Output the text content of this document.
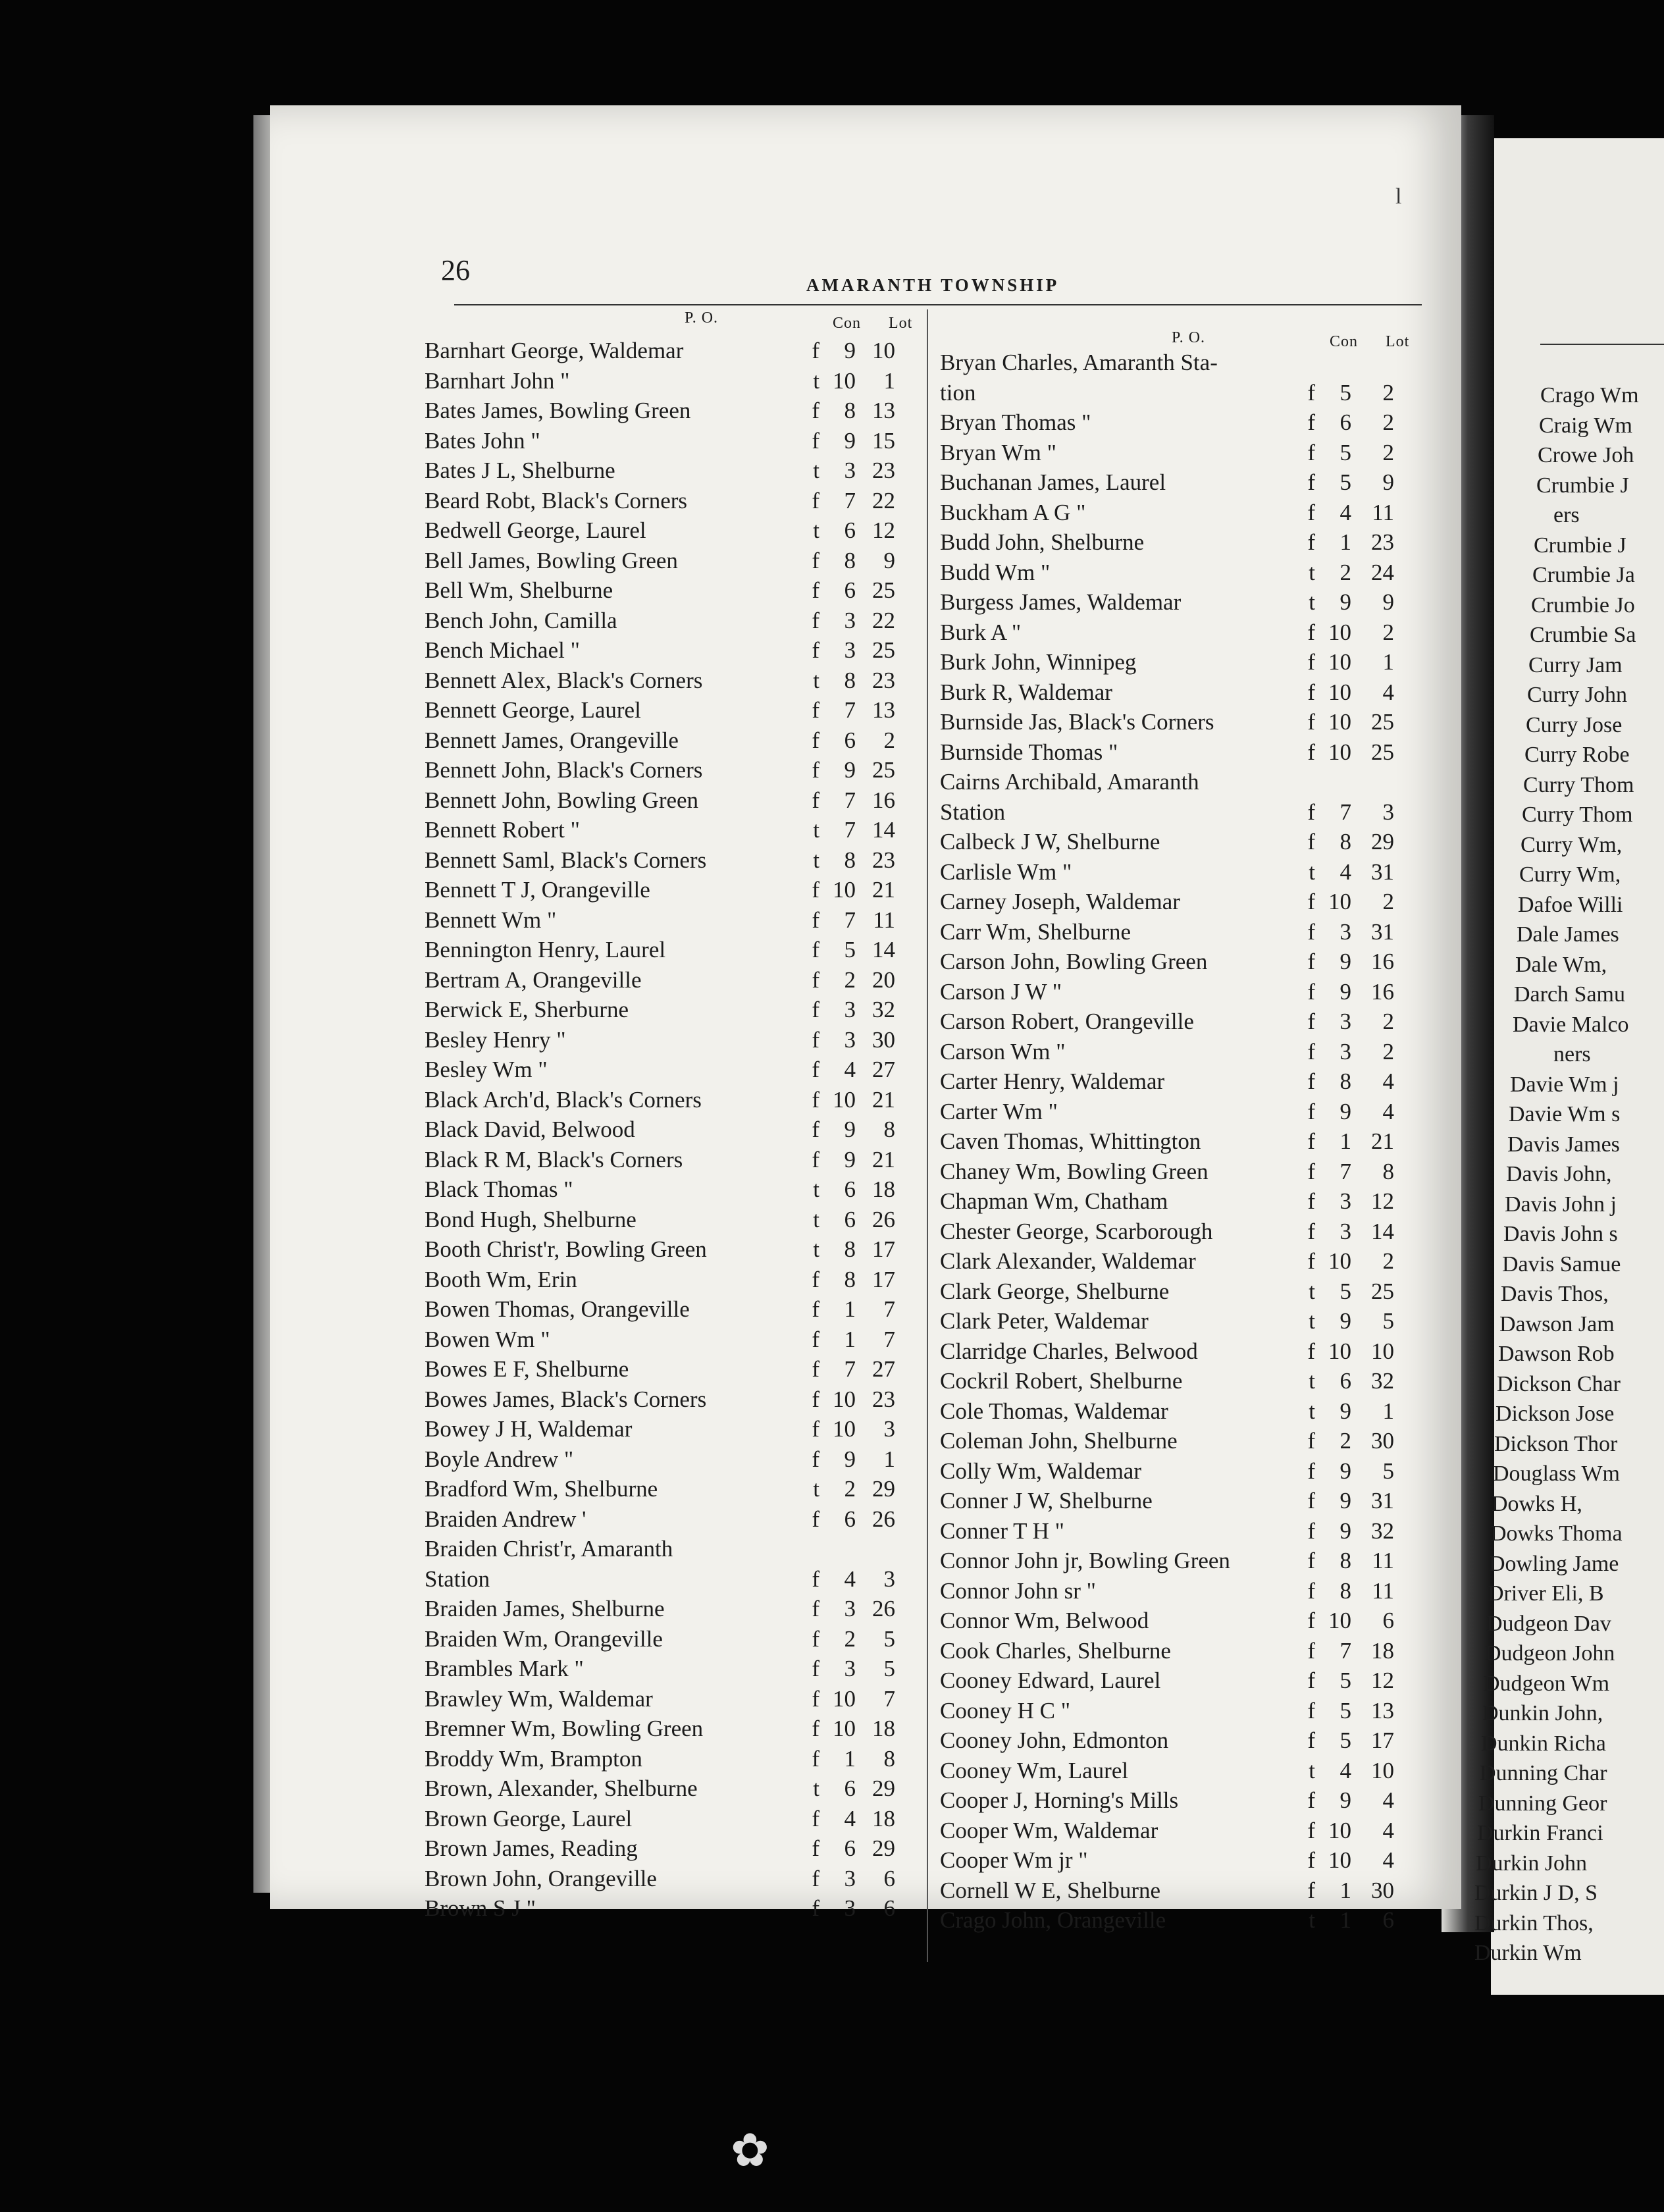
26	AMARANTH TOWNSHIP
l
P. O.	Con Lot
P. O.	Con Lot
Barnhart George, Waldemar	f	9 10
Barnhart John "	t 10	1
Bates James, Bowling Green	f	8 13
Bates John "	f	9 15
Bates J L, Shelburne	t	3 23
Beard Robt, Black's Corners	f	7 22
Bedwell George, Laurel	t	6 12
Bell James, Bowling Green	f	8	9
Bell Wm, Shelburne	f	6 25
Bench John, Camilla	f	3 22
Bench Michael "	f	3 25
Bennett Alex, Black's Corners	t	8 23
Bennett George, Laurel	f	7 13
Bennett James, Orangeville	f	6	2
Bennett John, Black's Corners	f	9 25
Bennett John, Bowling Green	f	7 16
Bennett Robert "	t	7 14
Bennett Saml, Black's Corners	t	8 23
Bennett T J, Orangeville	f 10 21
Bennett Wm "	f	7 11
Bennington Henry, Laurel	f	5 14
Bertram A, Orangeville	f	2 20
Berwick E, Sherburne	f	3 32
Besley Henry "	f	3 30
Besley Wm "	f	4 27
Black Arch'd, Black's Corners	f 10 21
Black David, Belwood	f	9	8
Black R M, Black's Corners	f	9 21
Black Thomas "	t	6 18
Bond Hugh, Shelburne	t	6 26
Booth Christ'r, Bowling Green	t	8 17
Booth Wm, Erin	f	8 17
Bowen Thomas, Orangeville	f	1	7
Bowen Wm "	f	1	7
Bowes E F, Shelburne	f	7 27
Bowes James, Black's Corners	f 10 23
Bowey J H, Waldemar	f 10	3
Boyle Andrew "	f	9	1
Bradford Wm, Shelburne	t	2 29
Braiden Andrew '	f	6 26
Braiden Christ'r, Amaranth
Station	f	4	3
Braiden James, Shelburne	f	3 26
Braiden Wm, Orangeville	f	2	5
Brambles Mark "	f	3	5
Brawley Wm, Waldemar	f 10	7
Bremner Wm, Bowling Green	f 10 18
Broddy Wm, Brampton	f	1	8
Brown, Alexander, Shelburne	t	6 29
Brown George, Laurel	f	4 18
Brown James, Reading	f	6 29
Brown John, Orangeville	f	3	6
Brown S J "	f	3	6
Bryan Charles, Amaranth Sta-
tion	f	5	2
Bryan Thomas "	f	6	2
Bryan Wm "	f	5	2
Buchanan James, Laurel	f	5	9
Buckham A G "	f	4 11
Budd John, Shelburne	f	1 23
Budd Wm "	t	2 24
Burgess James, Waldemar	t	9	9
Burk A "	f 10	2
Burk John, Winnipeg	f 10	1
Burk R, Waldemar	f 10	4
Burnside Jas, Black's Corners	f 10 25
Burnside Thomas "	f 10 25
Cairns Archibald, Amaranth
Station	f	7	3
Calbeck J W, Shelburne	f	8 29
Carlisle Wm "	t	4 31
Carney Joseph, Waldemar	f 10	2
Carr Wm, Shelburne	f	3 31
Carson John, Bowling Green	f	9 16
Carson J W "	f	9 16
Carson Robert, Orangeville	f	3	2
Carson Wm "	f	3	2
Carter Henry, Waldemar	f	8	4
Carter Wm "	f	9	4
Caven Thomas, Whittington	f	1 21
Chaney Wm, Bowling Green	f	7	8
Chapman Wm, Chatham	f	3 12
Chester George, Scarborough	f	3 14
Clark Alexander, Waldemar	f 10	2
Clark George, Shelburne	t	5 25
Clark Peter, Waldemar	t	9	5
Clarridge Charles, Belwood	f 10 10
Cockril Robert, Shelburne	t	6 32
Cole Thomas, Waldemar	t	9	1
Coleman John, Shelburne	f	2 30
Colly Wm, Waldemar	f	9	5
Conner J W, Shelburne	f	9 31
Conner T H "	f	9 32
Connor John jr, Bowling Green	f	8 11
Connor John sr "	f	8 11
Connor Wm, Belwood	f 10	6
Cook Charles, Shelburne	f	7 18
Cooney Edward, Laurel	f	5 12
Cooney H C "	f	5 13
Cooney John, Edmonton	f	5 17
Cooney Wm, Laurel	t	4 10
Cooper J, Horning's Mills	f	9	4
Cooper Wm, Waldemar	f 10	4
Cooper Wm jr "	f 10	4
Cornell W E, Shelburne	f	1 30
Crago John, Orangeville	t	1	6
Crago Wm
Craig Wm
Crowe Joh
Crumbie J
ers
Crumbie J
Crumbie Ja
Crumbie Jo
Crumbie Sa
Curry Jam
Curry John
Curry Jose
Curry Robe
Curry Thom
Curry Thom
Curry Wm,
Curry Wm,
Dafoe Willi
Dale James
Dale Wm,
Darch Samu
Davie Malco
ners
Davie Wm j
Davie Wm s
Davis James
Davis John,
Davis John j
Davis John s
Davis Samue
Davis Thos,
Dawson Jam
Dawson Rob
Dickson Char
Dickson Jose
Dickson Thor
Douglass Wm
Dowks H,
Dowks Thoma
Dowling Jame
Driver Eli, B
Dudgeon Dav
Dudgeon John
Dudgeon Wm
Dunkin John,
Dunkin Richa
Dunning Char
Dunning Geor
Durkin Franci
Durkin John
Durkin J D, S
Durkin Thos,
Durkin Wm
✿
